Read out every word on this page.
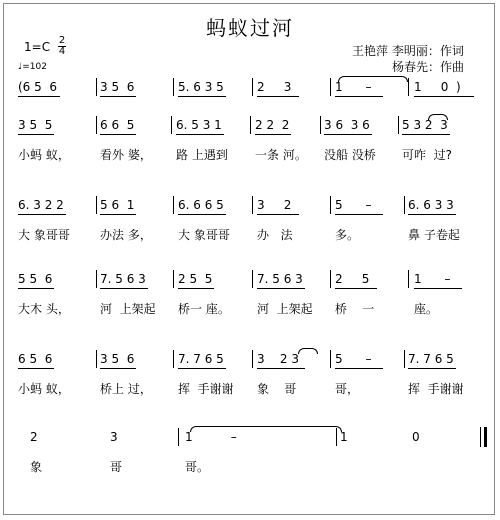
蚂蚁过河
1=C 2
4
♩=102
王艳萍 李明丽：作词
杨春先：作曲
(6 5  6	3 5  6	5. 6 3 5	2     3	1      –	1     0  )
3 5  5	6 6  5	6. 5 3 1	2 2  2	3 6  3 6	5 3 2  3
小蚂 蚁，	看外 婆， 路 上遇到 一条 河。 没船 没桥 可咋  过?
6. 3 2 2	5 6  1	6. 6 6 5	3     2	5      –	6. 6 3 3
大 象哥哥	办法 多， 大 象哥哥 办   法	多。	鼻 子卷起
5 5  6	7. 5 6 3	2 5  5	7. 5 6 3	2     5	1      –
大木 头，	河  上架起 桥一 座。 河  上架起 桥    一	座。
6 5  6	3 5  6	7. 7 6 5	3    2 3	5      –	7. 7 6 5
小蚂 蚁，	桥上 过， 挥  手谢谢 象    哥	哥，	挥  手谢谢
2	3	1          –	1	0
象	哥	哥。
